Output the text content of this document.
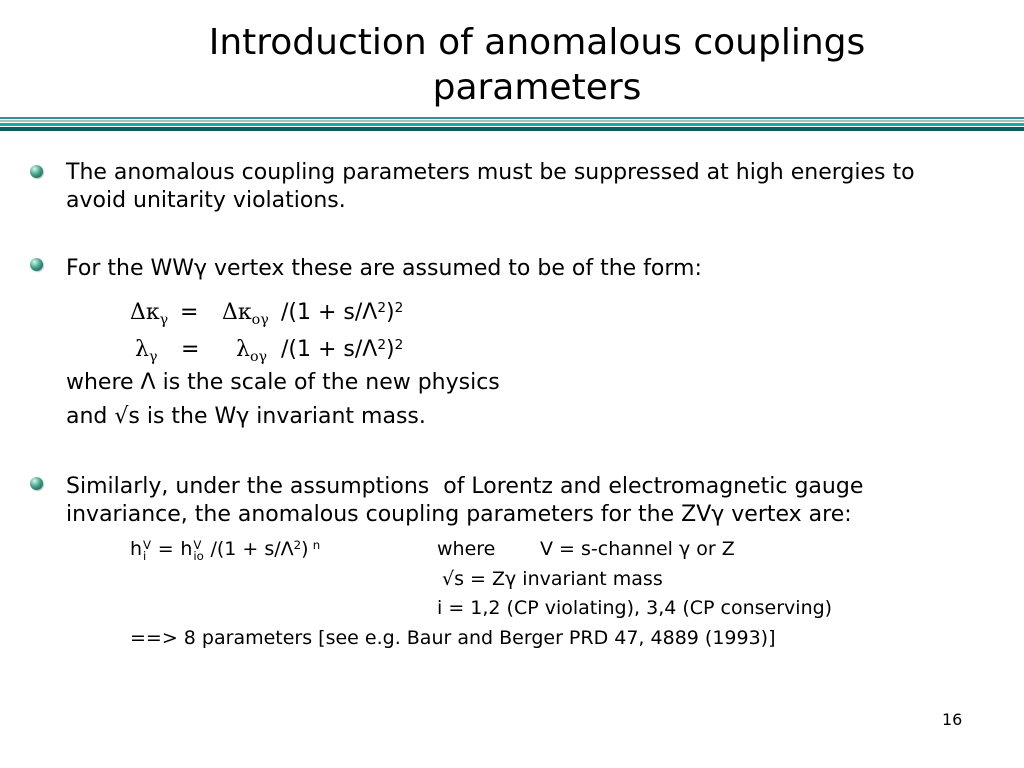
Introduction of anomalous couplings
parameters
The anomalous coupling parameters must be suppressed at high energies to
avoid unitarity violations.
For the WWγ vertex these are assumed to be of the form:
$\Delta\kappa_\gamma = \Delta\kappa_{o\gamma}$ $/(1 + s/\Lambda^2)^2$
$\lambda_\gamma = \lambda_{o\gamma}$ $/(1 + s/\Lambda^2)^2$
where Λ is the scale of the new physics
and √s is the Wγ invariant mass.
Similarly, under the assumptions  of Lorentz and electromagnetic gauge
invariance, the anomalous coupling parameters for the ZVγ vertex are:
h V
i = h V
io $/(1 + s/\Lambda^2)$ $^n$	where V = s-channel γ or Z
√s = Zγ invariant mass
i = 1,2 (CP violating), 3,4 (CP conserving)
==> 8 parameters [see e.g. Baur and Berger PRD 47, 4889 (1993)]
16
